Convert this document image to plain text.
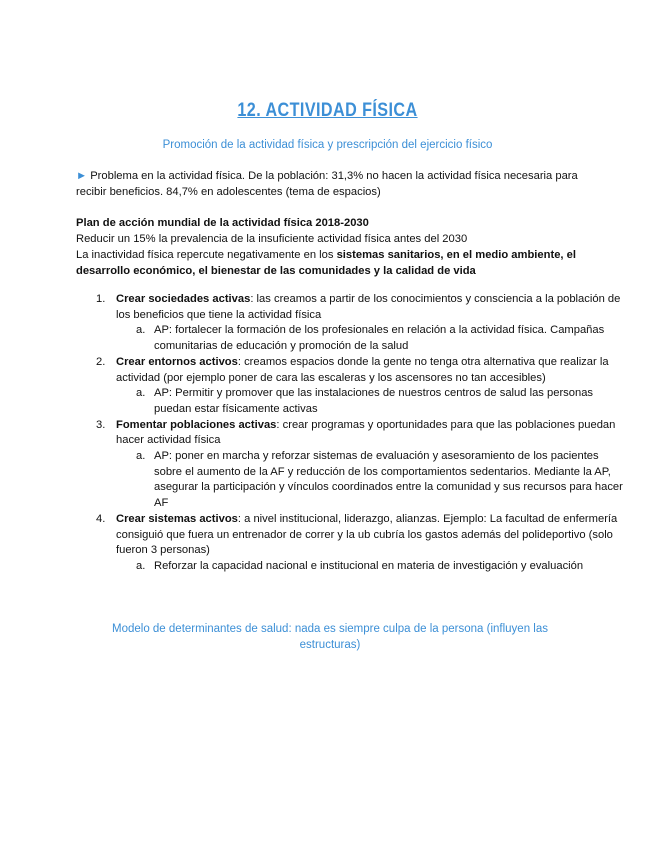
12. ACTIVIDAD FÍSICA
Promoción de la actividad física y prescripción del ejercicio físico
► Problema en la actividad física. De la población: 31,3% no hacen la actividad física necesaria para recibir beneficios. 84,7% en adolescentes (tema de espacios)
Plan de acción mundial de la actividad física 2018-2030
Reducir un 15% la prevalencia de la insuficiente actividad física antes del 2030
La inactividad física repercute negativamente en los sistemas sanitarios, en el medio ambiente, el desarrollo económico, el bienestar de las comunidades y la calidad de vida
1. Crear sociedades activas: las creamos a partir de los conocimientos y consciencia a la población de los beneficios que tiene la actividad física
a. AP: fortalecer la formación de los profesionales en relación a la actividad física. Campañas comunitarias de educación y promoción de la salud
2. Crear entornos activos: creamos espacios donde la gente no tenga otra alternativa que realizar la actividad (por ejemplo poner de cara las escaleras y los ascensores no tan accesibles)
a. AP: Permitir y promover que las instalaciones de nuestros centros de salud las personas puedan estar físicamente activas
3. Fomentar poblaciones activas: crear programas y oportunidades para que las poblaciones puedan hacer actividad física
a. AP: poner en marcha y reforzar sistemas de evaluación y asesoramiento de los pacientes sobre el aumento de la AF y reducción de los comportamientos sedentarios. Mediante la AP, asegurar la participación y vínculos coordinados entre la comunidad y sus recursos para hacer AF
4. Crear sistemas activos: a nivel institucional, liderazgo, alianzas. Ejemplo: La facultad de enfermería consiguió que fuera un entrenador de correr y la ub cubría los gastos además del polideportivo (solo fueron 3 personas)
a. Reforzar la capacidad nacional e institucional en materia de investigación y evaluación
Modelo de determinantes de salud: nada es siempre culpa de la persona (influyen las estructuras)
